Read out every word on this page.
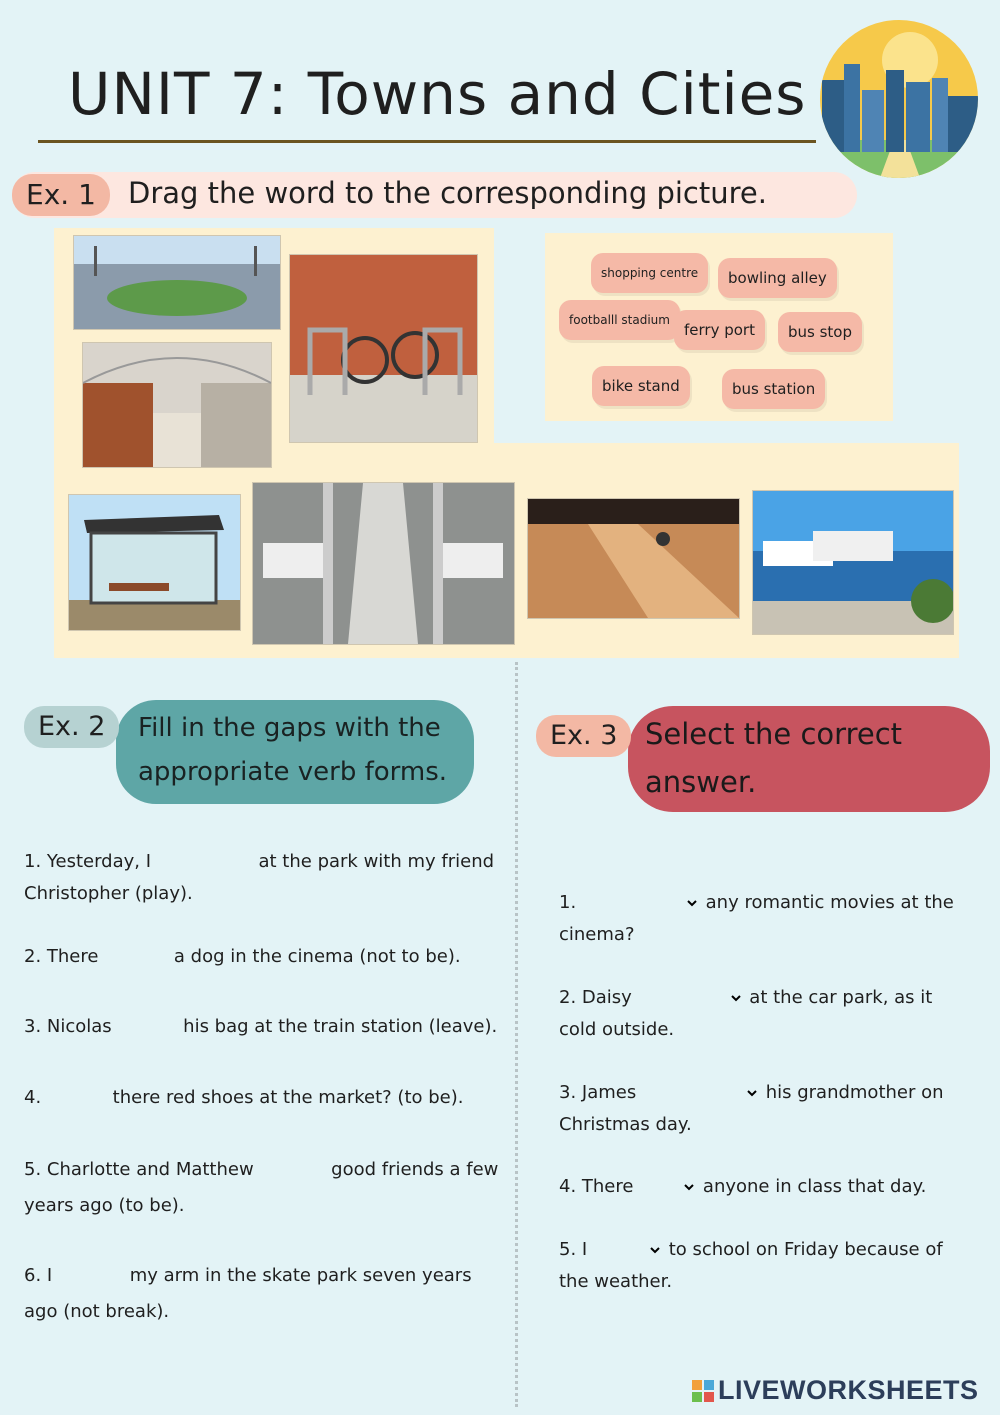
UNIT 7: Towns and Cities
Ex. 1	Drag the word to the corresponding picture.
shopping centre	bowling alley
footballl stadium
ferry port	bus stop
bike stand	bus station
Ex. 2	Fill in the gaps with the appropriate verb forms.
1. Yesterday, I	at the park with my friend Christopher (play).
2. There	a dog in the cinema (not to be).
3. Nicolas	his bag at the train station (leave).
4.	there red shoes at the market? (to be).
5. Charlotte and Matthew	good friends a few years ago (to be).
6. I	my arm in the skate park seven years ago (not break).
Ex. 3 Select the correct answer.
1.	any romantic movies at the cinema?
2. Daisy	at the car park, as it cold outside.
3. James	his grandmother on Christmas day.
4. There	anyone in class that day.
5. I	to school on Friday because of the weather.
LIVEWORKSHEETS
